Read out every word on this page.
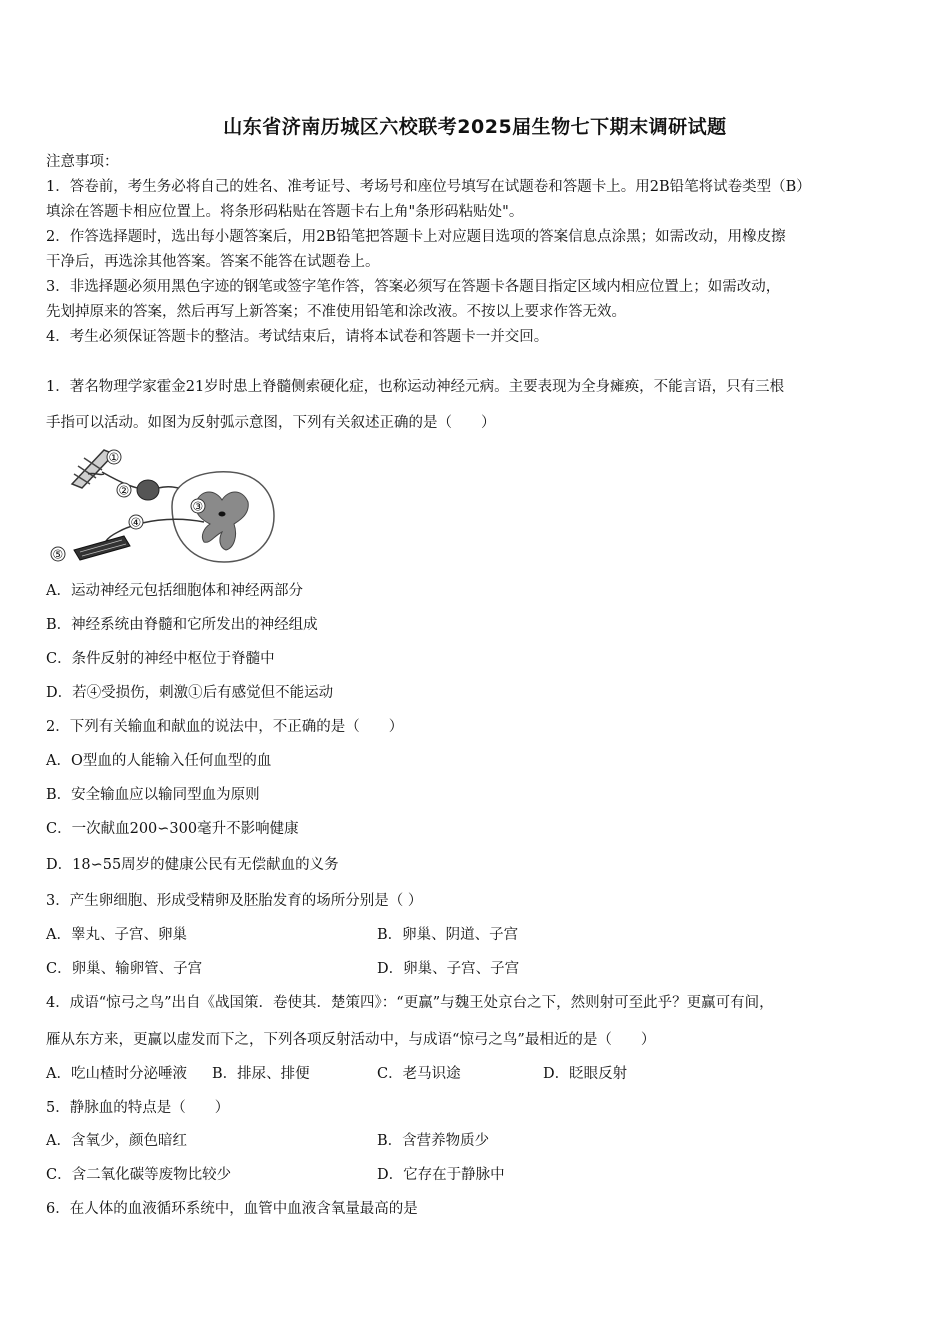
山东省济南历城区六校联考2025届生物七下期末调研试题
注意事项：
1．答卷前，考生务必将自己的姓名、准考证号、考场号和座位号填写在试题卷和答题卡上。用2B铅笔将试卷类型（B）
填涂在答题卡相应位置上。将条形码粘贴在答题卡右上角"条形码粘贴处"。
2．作答选择题时，选出每小题答案后，用2B铅笔把答题卡上对应题目选项的答案信息点涂黑；如需改动，用橡皮擦
干净后，再选涂其他答案。答案不能答在试题卷上。
3．非选择题必须用黑色字迹的钢笔或签字笔作答，答案必须写在答题卡各题目指定区域内相应位置上；如需改动，
先划掉原来的答案，然后再写上新答案；不准使用铅笔和涂改液。不按以上要求作答无效。
4．考生必须保证答题卡的整洁。考试结束后，请将本试卷和答题卡一并交回。
1．著名物理学家霍金21岁时患上脊髓侧索硬化症，也称运动神经元病。主要表现为全身瘫痪，不能言语，只有三根
手指可以活动。如图为反射弧示意图，下列有关叙述正确的是（　　）
①
②
③
④
⑤
A．运动神经元包括细胞体和神经两部分
B．神经系统由脊髓和它所发出的神经组成
C．条件反射的神经中枢位于脊髓中
D．若④受损伤，刺激①后有感觉但不能运动
2．下列有关输血和献血的说法中，不正确的是（　　）
A．O型血的人能输入任何血型的血
B．安全输血应以输同型血为原则
C．一次献血200∽300毫升不影响健康
D．18∽55周岁的健康公民有无偿献血的义务
3．产生卵细胞、形成受精卵及胚胎发育的场所分别是（ ）
A．睾丸、子宫、卵巢	B．卵巢、阴道、子宫
C．卵巢、输卵管、子宫	D．卵巢、子宫、子宫
4．成语“惊弓之鸟”出自《战国策．卷使其．楚策四》：“更赢”与魏王处京台之下，然则射可至此乎？更赢可有间，
雁从东方来，更赢以虚发而下之，下列各项反射活动中，与成语“惊弓之鸟”最相近的是（　　）
A．吃山楂时分泌唾液 B．排尿、排便	C．老马识途	D．眨眼反射
5．静脉血的特点是（　　）
A．含氧少，颜色暗红	B．含营养物质少
C．含二氧化碳等废物比较少	D．它存在于静脉中
6．在人体的血液循环系统中，血管中血液含氧量最高的是
